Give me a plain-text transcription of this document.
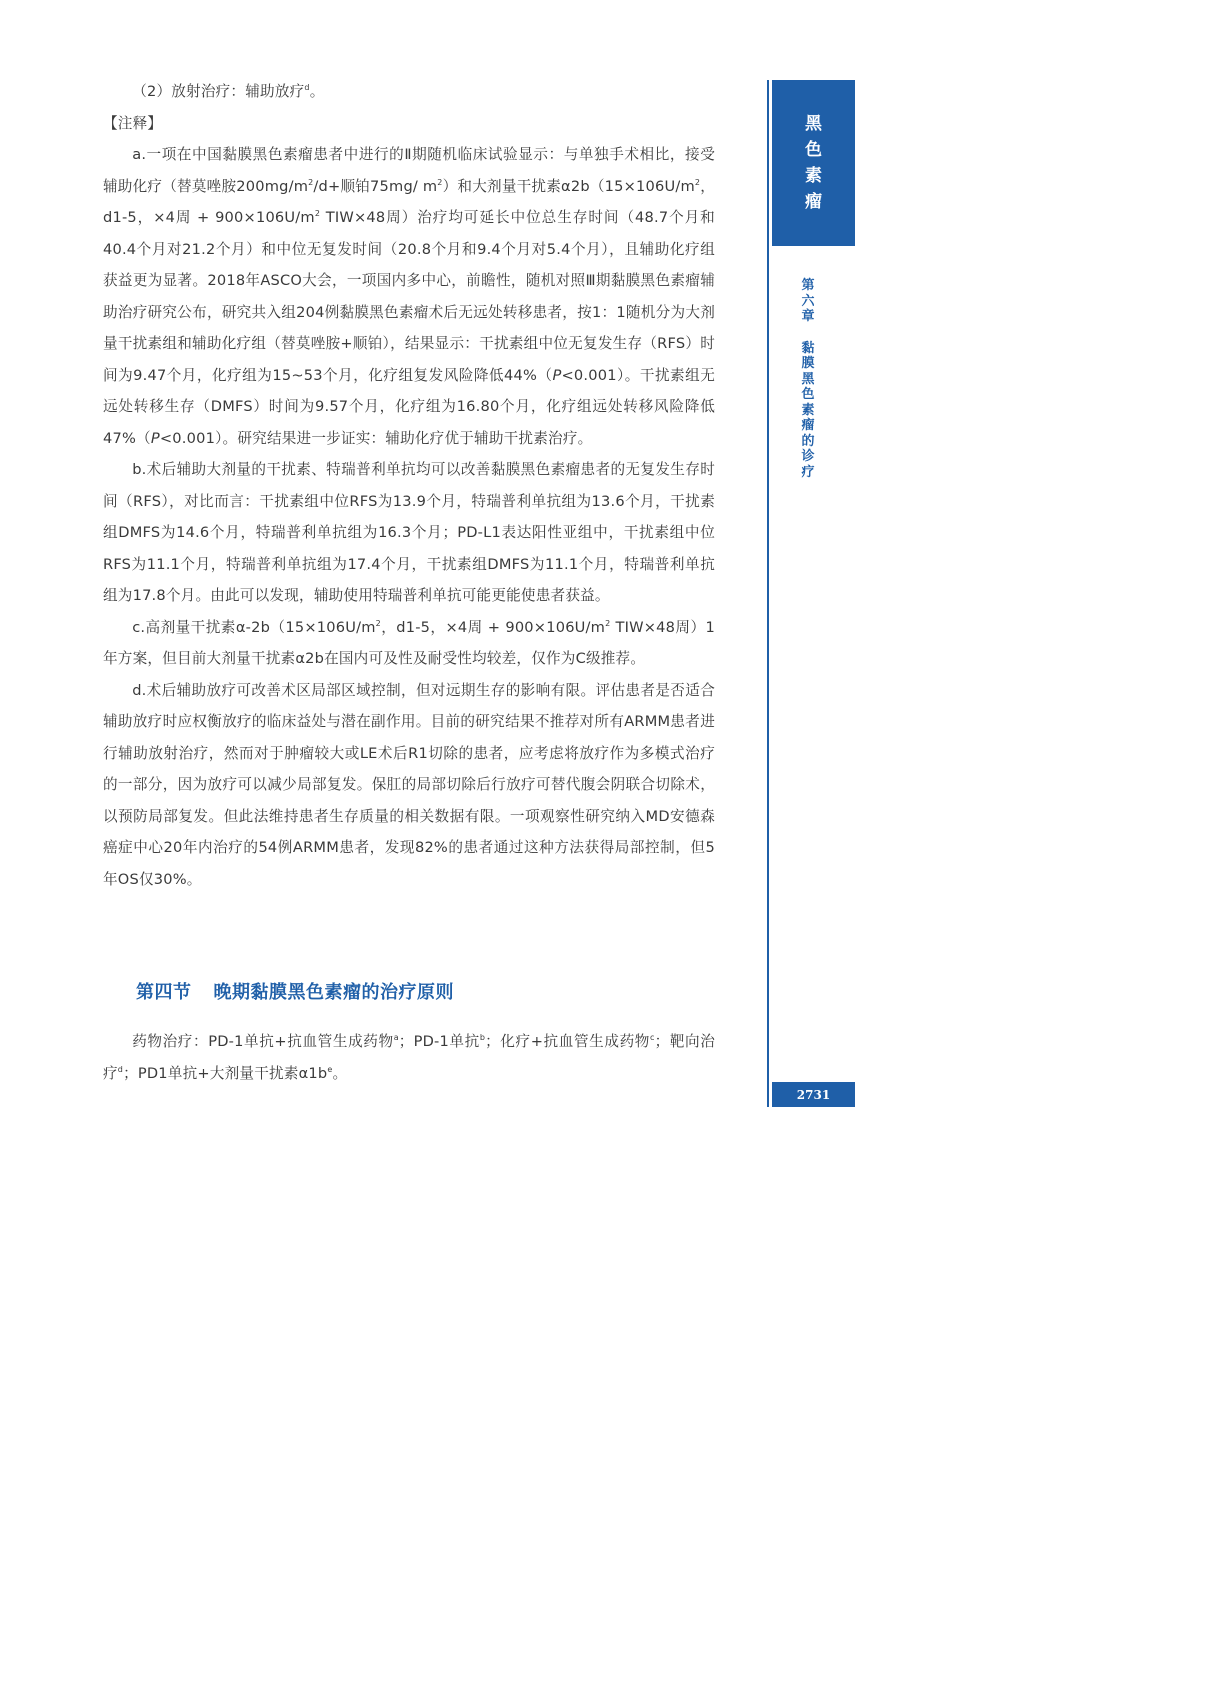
（2）放射治疗：辅助放疗$^d$。

【注释】

a.一项在中国黏膜黑色素瘤患者中进行的Ⅱ期随机临床试验显示：与单独手术相比，接受辅助化疗（替莫唑胺$200mg/m^2/d+$顺铂75mg/ $m^2$）和大剂量干扰素$\alpha 2b(15\times 106U/m^2$，d1-5，×4周 + $900\times 106U/m^2$ TIW×48周）治疗均可延长中位总生存时间（48.7个月和40.4个月对21.2个月）和中位无复发时间（20.8个月和9.4个月对5.4个月），且辅助化疗组获益更为显著。2018年ASCO大会，一项国内多中心，前瞻性，随机对照Ⅲ期黏膜黑色素瘤辅助治疗研究公布，研究共入组204例黏膜黑色素瘤术后无远处转移患者，按1：1随机分为大剂量干扰素组和辅助化疗组（替莫唑胺+顺铂），结果显示：干扰素组中位无复发生存（RFS）时间为9.47个月，化疗组为15~53个月，化疗组复发风险降低44%（P<0.001）。干扰素组无远处转移生存（DMFS）时间为9.57个月，化疗组为16.80个月，化疗组远处转移风险降低47%（P<0.001）。研究结果进一步证实：辅助化疗优于辅助干扰素治疗。

b.术后辅助大剂量的干扰素、特瑞普利单抗均可以改善黏膜黑色素瘤患者的无复发生存时间（RFS），对比而言：干扰素组中位RFS为13.9个月，特瑞普利单抗组为13.6个月，干扰素组DMFS为14.6个月，特瑞普利单抗组为16.3个月；PD-L1表达阳性亚组中，干扰素组中位RFS为11.1个月，特瑞普利单抗组为17.4个月，干扰素组DMFS为11.1个月，特瑞普利单抗组为17.8个月。由此可以发现，辅助使用特瑞普利单抗可能更能使患者获益。

c.高剂量干扰素$\alpha-2b(15\times 106U/m^2$，d1-5，×4周 + $900\times 106U/m^2$ TIW×48周）1年方案，但目前大剂量干扰素α2b在国内可及性及耐受性均较差，仅作为C级推荐。

d.术后辅助放疗可改善术区局部区域控制，但对远期生存的影响有限。评估患者是否适合辅助放疗时应权衡放疗的临床益处与潜在副作用。目前的研究结果不推荐对所有ARMM患者进行辅助放射治疗，然而对于肿瘤较大或LE术后R1切除的患者，应考虑将放疗作为多模式治疗的一部分，因为放疗可以减少局部复发。保肛的局部切除后行放疗可替代腹会阴联合切除术，以预防局部复发。但此法维持患者生存质量的相关数据有限。一项观察性研究纳入MD安德森癌症中心20年内治疗的54例ARMM患者，发现82%的患者通过这种方法获得局部控制，但5年OS仅30%。

第四节 晚期黏膜黑色素瘤的治疗原则

药物治疗：PD-1单抗+抗血管生成药物$^a$；PD-1单抗$^b$；化疗+抗血管生成药物$^c$；靶向治疗$^d$；PD1单抗+大剂量干扰素$\alpha 1b^e$。

黑色素瘤
第六章
黏膜黑色素瘤的诊疗
2731
